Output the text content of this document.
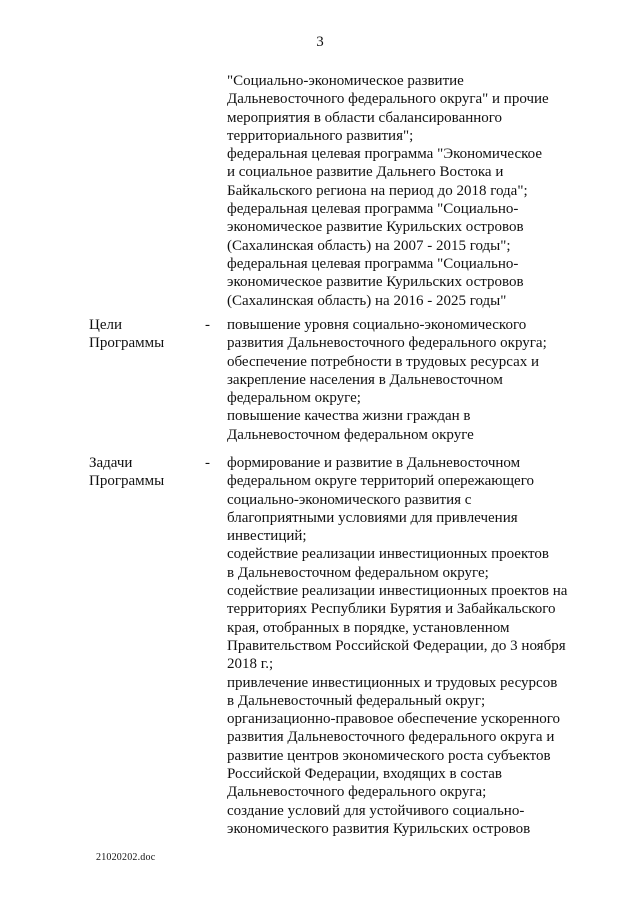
3
"Социально-экономическое развитие
Дальневосточного федерального округа" и прочие
мероприятия в области сбалансированного
территориального развития";
федеральная целевая программа "Экономическое
и социальное развитие Дальнего Востока и
Байкальского региона на период до 2018 года";
федеральная целевая программа "Социально-
экономическое развитие Курильских островов
(Сахалинская область) на 2007 - 2015 годы";
федеральная целевая программа "Социально-
экономическое развитие Курильских островов
(Сахалинская область) на 2016 - 2025 годы"
Цели
Программы
- повышение уровня социально-экономического
развития Дальневосточного федерального округа;
обеспечение потребности в трудовых ресурсах и
закрепление населения в Дальневосточном
федеральном округе;
повышение качества жизни граждан в
Дальневосточном федеральном округе
Задачи
Программы
- формирование и развитие в Дальневосточном
федеральном округе территорий опережающего
социально-экономического развития с
благоприятными условиями для привлечения
инвестиций;
содействие реализации инвестиционных проектов
в Дальневосточном федеральном округе;
содействие реализации инвестиционных проектов на
территориях Республики Бурятия и Забайкальского
края, отобранных в порядке, установленном
Правительством Российской Федерации, до 3 ноября
2018 г.;
привлечение инвестиционных и трудовых ресурсов
в Дальневосточный федеральный округ;
организационно-правовое обеспечение ускоренного
развития Дальневосточного федерального округа и
развитие центров экономического роста субъектов
Российской Федерации, входящих в состав
Дальневосточного федерального округа;
создание условий для устойчивого социально-
экономического развития Курильских островов
21020202.doc
